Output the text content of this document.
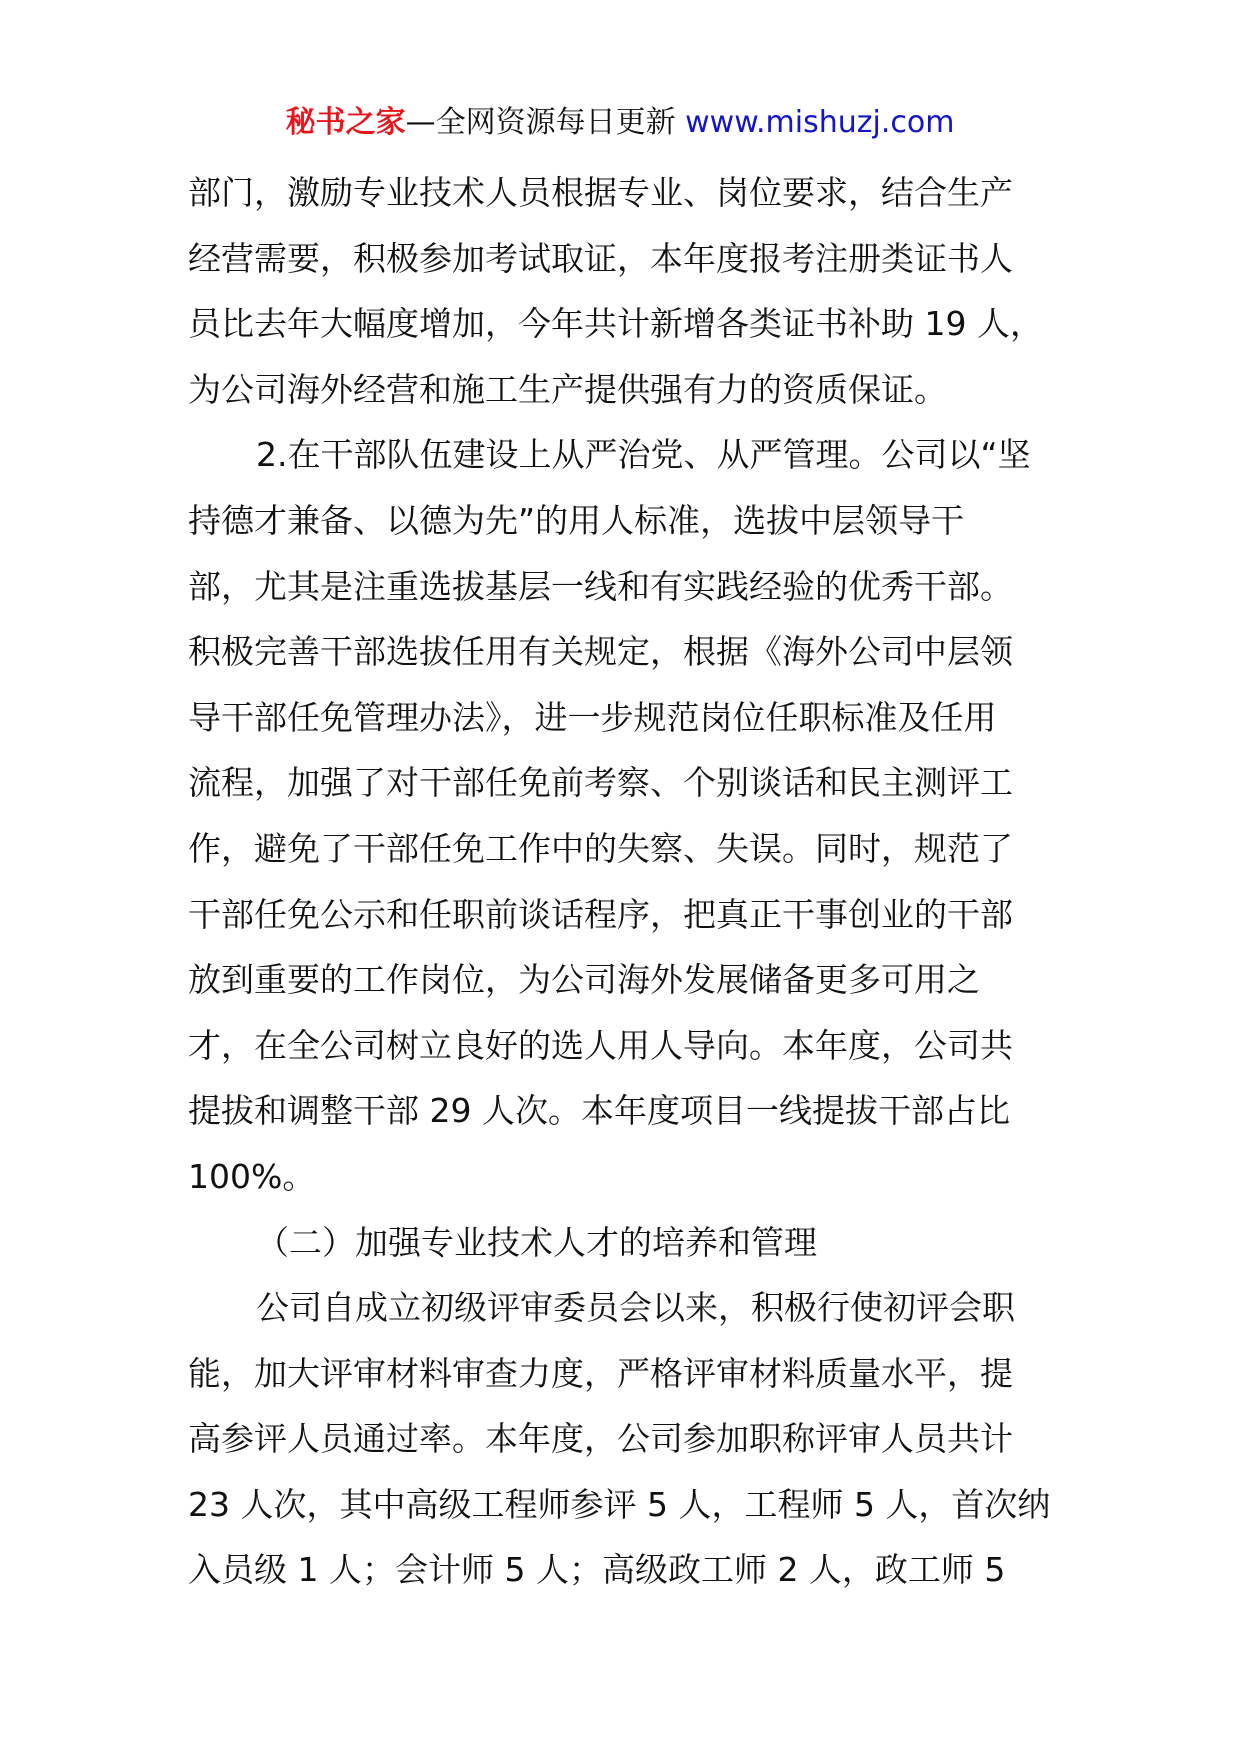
秘书之家—全网资源每日更新 www.mishuzj.com
部门，激励专业技术人员根据专业、岗位要求，结合生产
经营需要，积极参加考试取证，本年度报考注册类证书人
员比去年大幅度增加，今年共计新增各类证书补助 19 人，
为公司海外经营和施工生产提供强有力的资质保证。
2.在干部队伍建设上从严治党、从严管理。公司以“坚
持德才兼备、以德为先”的用人标准，选拔中层领导干
部，尤其是注重选拔基层一线和有实践经验的优秀干部。
积极完善干部选拔任用有关规定，根据《海外公司中层领
导干部任免管理办法》，进一步规范岗位任职标准及任用
流程，加强了对干部任免前考察、个别谈话和民主测评工
作，避免了干部任免工作中的失察、失误。同时，规范了
干部任免公示和任职前谈话程序，把真正干事创业的干部
放到重要的工作岗位，为公司海外发展储备更多可用之
才，在全公司树立良好的选人用人导向。本年度，公司共
提拔和调整干部 29 人次。本年度项目一线提拔干部占比
100%。
（二）加强专业技术人才的培养和管理
公司自成立初级评审委员会以来，积极行使初评会职
能，加大评审材料审查力度，严格评审材料质量水平，提
高参评人员通过率。本年度，公司参加职称评审人员共计
23 人次，其中高级工程师参评 5 人，工程师 5 人，首次纳
入员级 1 人；会计师 5 人；高级政工师 2 人，政工师 5
